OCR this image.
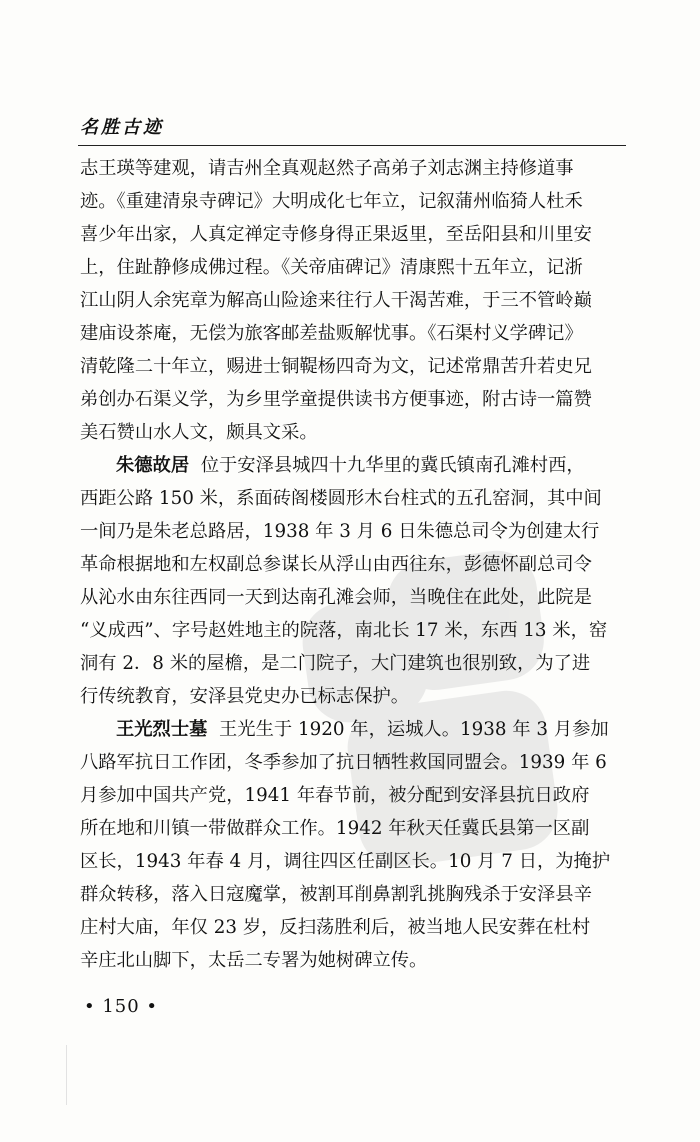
名胜古迹
志王瑛等建观，请吉州全真观赵然子高弟子刘志渊主持修道事
迹。《重建清泉寺碑记》大明成化七年立，记叙蒲州临猗人杜禾
喜少年出家，人真定禅定寺修身得正果返里，至岳阳县和川里安
上，住趾静修成佛过程。《关帝庙碑记》清康熙十五年立，记浙
江山阴人余宪章为解高山险途来往行人干渴苦难，于三不管岭巅
建庙设茶庵，无偿为旅客邮差盐贩解忧事。《石渠村义学碑记》
清乾隆二十年立，赐进士铜鞮杨四奇为文，记述常鼎苦升若史兄
弟创办石渠义学，为乡里学童提供读书方便事迹，附古诗一篇赞
美石赞山水人文，颇具文采。
朱德故居 位于安泽县城四十九华里的冀氏镇南孔滩村西，
西距公路 150 米，系面砖阁楼圆形木台柱式的五孔窑洞，其中间
一间乃是朱老总路居，1938 年 3 月 6 日朱德总司令为创建太行
革命根据地和左权副总参谋长从浮山由西往东，彭德怀副总司令
从沁水由东往西同一天到达南孔滩会师，当晚住在此处，此院是
“义成西”、字号赵姓地主的院落，南北长 17 米，东西 13 米，窑
洞有 2．8 米的屋檐，是二门院子，大门建筑也很别致，为了进
行传统教育，安泽县党史办已标志保护。
王光烈士墓 王光生于 1920 年，运城人。1938 年 3 月参加
八路军抗日工作团，冬季参加了抗日牺牲救国同盟会。1939 年 6
月参加中国共产党，1941 年春节前，被分配到安泽县抗日政府
所在地和川镇一带做群众工作。1942 年秋天任冀氏县第一区副
区长，1943 年春 4 月，调往四区任副区长。10 月 7 日，为掩护
群众转移，落入日寇魔掌，被割耳削鼻割乳挑胸残杀于安泽县辛
庄村大庙，年仅 23 岁，反扫荡胜利后，被当地人民安葬在杜村
辛庄北山脚下，太岳二专署为她树碑立传。
• 150 •
